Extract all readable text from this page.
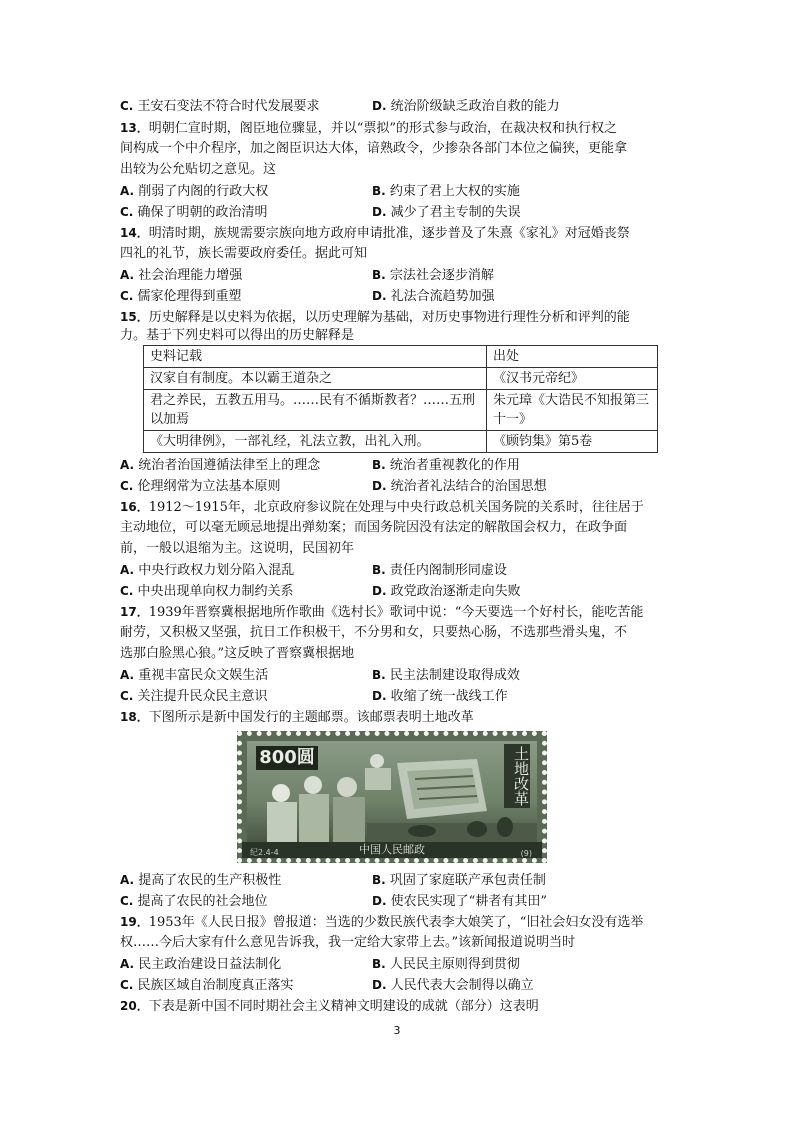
C. 王安石变法不符合时代发展要求	D. 统治阶级缺乏政治自救的能力
13．明朝仁宣时期，阁臣地位骤显，并以“票拟”的形式参与政治，在裁决权和执行权之
间构成一个中介程序，加之阁臣识达大体，谙熟政令，少掺杂各部门本位之偏狭，更能拿
出较为公允贴切之意见。这
A. 削弱了内阁的行政大权	B. 约束了君上大权的实施
C. 确保了明朝的政治清明	D. 减少了君主专制的失误
14．明清时期，族规需要宗族向地方政府申请批准，逐步普及了朱熹《家礼》对冠婚丧祭
四礼的礼节，族长需要政府委任。据此可知
A. 社会治理能力增强	B. 宗法社会逐步消解
C. 儒家伦理得到重塑	D. 礼法合流趋势加强
15．历史解释是以史料为依据，以历史理解为基础，对历史事物进行理性分析和评判的能
力。基于下列史料可以得出的历史解释是
史料记载	出处
汉家自有制度。本以霸王道杂之	《汉书元帝纪》
君之养民，五教五用马。……民有不循斯教者？……五刑以加焉	朱元璋《大诰民不知报第三十一》
《大明律例》，一部礼经，礼法立教，出礼入刑。	《顾钧集》第5卷
A. 统治者治国遵循法律至上的理念	B. 统治者重视教化的作用
C. 伦理纲常为立法基本原则	D. 统治者礼法结合的治国思想
16．1912～1915年，北京政府参议院在处理与中央行政总机关国务院的关系时，往往居于
主动地位，可以毫无顾忌地提出弹劾案；而国务院因没有法定的解散国会权力，在政争面
前，一般以退缩为主。这说明，民国初年
A. 中央行政权力划分陷入混乱	B. 责任内阁制形同虚设
C. 中央出现单向权力制约关系	D. 政党政治逐渐走向失败
17．1939年晋察冀根据地所作歌曲《选村长》歌词中说：“今天要选一个好村长，能吃苦能
耐劳，又积极又坚强，抗日工作积极干，不分男和女，只要热心肠，不选那些滑头鬼，不
选那白脸黑心狼。”这反映了晋察冀根据地
A. 重视丰富民众文娱生活	B. 民主法制建设取得成效
C. 关注提升民众民主意识	D. 收缩了统一战线工作
18．下图所示是新中国发行的主题邮票。该邮票表明土地改革
800圆	土地改革
中国人民邮政
纪2.4-4	(9)
A. 提高了农民的生产积极性	B. 巩固了家庭联产承包责任制
C. 提高了农民的社会地位	D. 使农民实现了“耕者有其田”
19．1953年《人民日报》曾报道：当选的少数民族代表李大娘笑了，“旧社会妇女没有选举
权……今后大家有什么意见告诉我，我一定给大家带上去。”该新闻报道说明当时
A. 民主政治建设日益法制化	B. 人民民主原则得到贯彻
C. 民族区域自治制度真正落实	D. 人民代表大会制得以确立
20．下表是新中国不同时期社会主义精神文明建设的成就（部分）这表明
3
